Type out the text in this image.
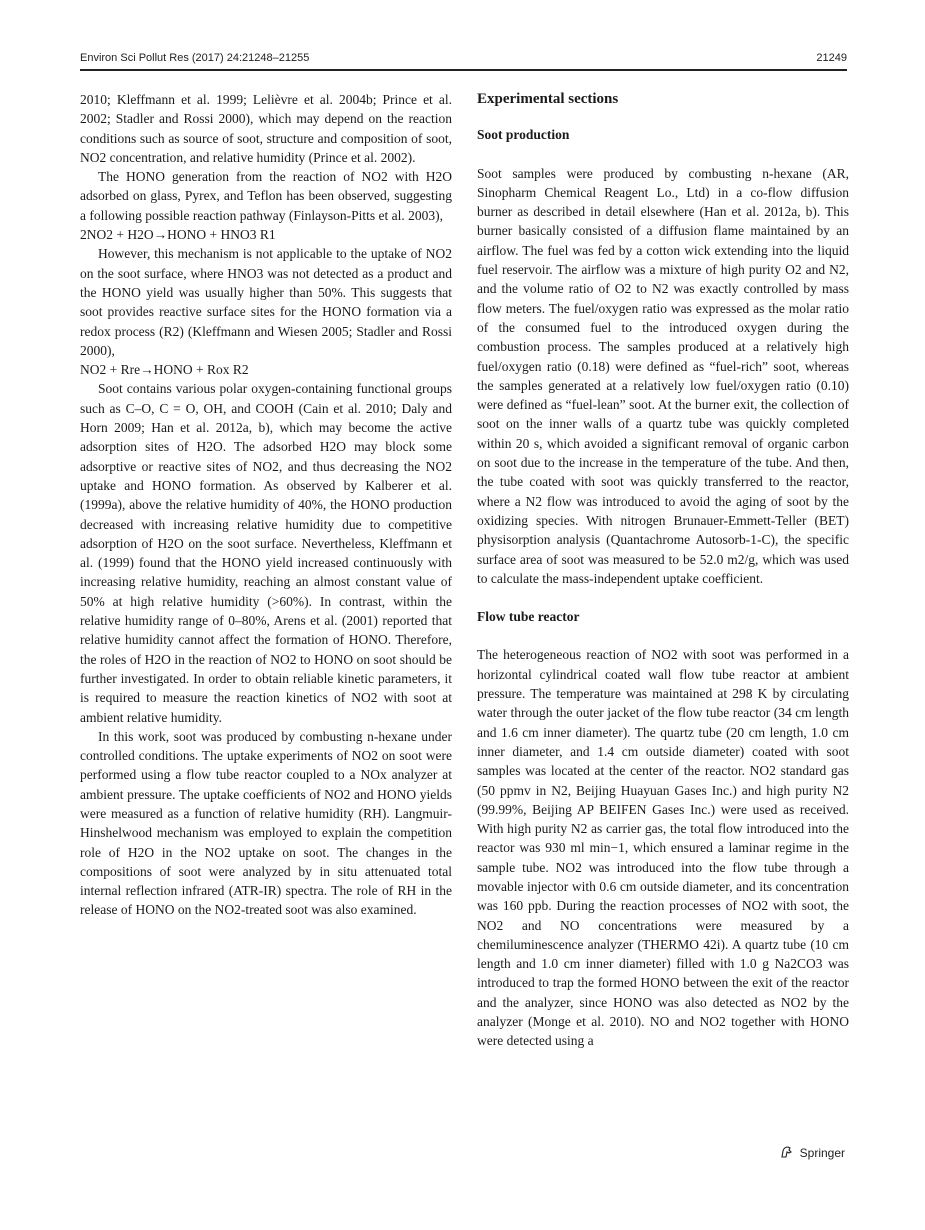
Environ Sci Pollut Res (2017) 24:21248–21255	21249

2010; Kleffmann et al. 1999; Lelièvre et al. 2004b; Prince et al. 2002; Stadler and Rossi 2000), which may depend on the reaction conditions such as source of soot, structure and composition of soot, NO2 concentration, and relative humidity (Prince et al. 2002).

The HONO generation from the reaction of NO2 with H2O adsorbed on glass, Pyrex, and Teflon has been observed, suggesting a following possible reaction pathway (Finlayson-Pitts et al. 2003),

2NO2 + H2O→HONO + HNO3 R1

However, this mechanism is not applicable to the uptake of NO2 on the soot surface, where HNO3 was not detected as a product and the HONO yield was usually higher than 50%. This suggests that soot provides reactive surface sites for the HONO formation via a redox process (R2) (Kleffmann and Wiesen 2005; Stadler and Rossi 2000),

NO2 + Rre→HONO + Rox R2

Soot contains various polar oxygen-containing functional groups such as C–O, C = O, OH, and COOH (Cain et al. 2010; Daly and Horn 2009; Han et al. 2012a, b), which may become the active adsorption sites of H2O. The adsorbed H2O may block some adsorptive or reactive sites of NO2, and thus decreasing the NO2 uptake and HONO formation. As observed by Kalberer et al. (1999a), above the relative humidity of 40%, the HONO production decreased with increasing relative humidity due to competitive adsorption of H2O on the soot surface. Nevertheless, Kleffmann et al. (1999) found that the HONO yield increased continuously with increasing relative humidity, reaching an almost constant value of 50% at high relative humidity (>60%). In contrast, within the relative humidity range of 0–80%, Arens et al. (2001) reported that relative humidity cannot affect the formation of HONO. Therefore, the roles of H2O in the reaction of NO2 to HONO on soot should be further investigated. In order to obtain reliable kinetic parameters, it is required to measure the reaction kinetics of NO2 with soot at ambient relative humidity.

In this work, soot was produced by combusting n-hexane under controlled conditions. The uptake experiments of NO2 on soot were performed using a flow tube reactor coupled to a NOx analyzer at ambient pressure. The uptake coefficients of NO2 and HONO yields were measured as a function of relative humidity (RH). Langmuir-Hinshelwood mechanism was employed to explain the competition role of H2O in the NO2 uptake on soot. The changes in the compositions of soot were analyzed by in situ attenuated total internal reflection infrared (ATR-IR) spectra. The role of RH in the release of HONO on the NO2-treated soot was also examined.

Experimental sections
Soot production

Soot samples were produced by combusting n-hexane (AR, Sinopharm Chemical Reagent Lo., Ltd) in a co-flow diffusion burner as described in detail elsewhere (Han et al. 2012a, b). This burner basically consisted of a diffusion flame maintained by an airflow. The fuel was fed by a cotton wick extending into the liquid fuel reservoir. The airflow was a mixture of high purity O2 and N2, and the volume ratio of O2 to N2 was exactly controlled by mass flow meters. The fuel/oxygen ratio was expressed as the molar ratio of the consumed fuel to the introduced oxygen during the combustion process. The samples produced at a relatively high fuel/oxygen ratio (0.18) were defined as “fuel-rich” soot, whereas the samples generated at a relatively low fuel/oxygen ratio (0.10) were defined as “fuel-lean” soot. At the burner exit, the collection of soot on the inner walls of a quartz tube was quickly completed within 20 s, which avoided a significant removal of organic carbon on soot due to the increase in the temperature of the tube. And then, the tube coated with soot was quickly transferred to the reactor, where a N2 flow was introduced to avoid the aging of soot by the oxidizing species. With nitrogen Brunauer-Emmett-Teller (BET) physisorption analysis (Quantachrome Autosorb-1-C), the specific surface area of soot was measured to be 52.0 m2/g, which was used to calculate the mass-independent uptake coefficient.

Flow tube reactor

The heterogeneous reaction of NO2 with soot was performed in a horizontal cylindrical coated wall flow tube reactor at ambient pressure. The temperature was maintained at 298 K by circulating water through the outer jacket of the flow tube reactor (34 cm length and 1.6 cm inner diameter). The quartz tube (20 cm length, 1.0 cm inner diameter, and 1.4 cm outside diameter) coated with soot samples was located at the center of the reactor. NO2 standard gas (50 ppmv in N2, Beijing Huayuan Gases Inc.) and high purity N2 (99.99%, Beijing AP BEIFEN Gases Inc.) were used as received. With high purity N2 as carrier gas, the total flow introduced into the reactor was 930 ml min−1, which ensured a laminar regime in the sample tube. NO2 was introduced into the flow tube through a movable injector with 0.6 cm outside diameter, and its concentration was 160 ppb. During the reaction processes of NO2 with soot, the NO2 and NO concentrations were measured by a chemiluminescence analyzer (THERMO 42i). A quartz tube (10 cm length and 1.0 cm inner diameter) filled with 1.0 g Na2CO3 was introduced to trap the formed HONO between the exit of the reactor and the analyzer, since HONO was also detected as NO2 by the analyzer (Monge et al. 2010). NO and NO2 together with HONO were detected using a

Springer
